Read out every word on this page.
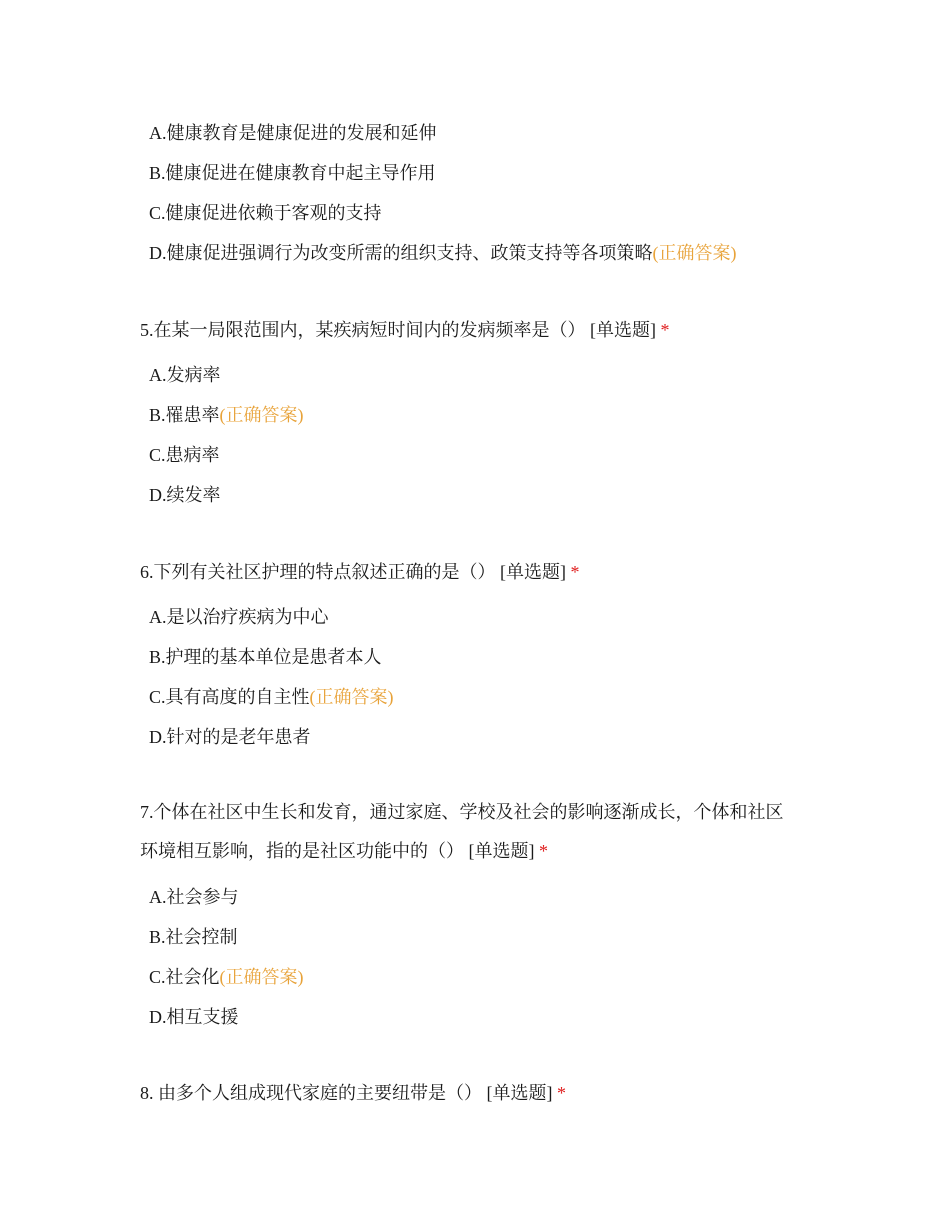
A.健康教育是健康促进的发展和延伸
B.健康促进在健康教育中起主导作用
C.健康促进依赖于客观的支持
D.健康促进强调行为改变所需的组织支持、政策支持等各项策略(正确答案)
5.在某一局限范围内，某疾病短时间内的发病频率是（） [单选题] *
A.发病率
B.罹患率(正确答案)
C.患病率
D.续发率
6.下列有关社区护理的特点叙述正确的是（） [单选题] *
A.是以治疗疾病为中心
B.护理的基本单位是患者本人
C.具有高度的自主性(正确答案)
D.针对的是老年患者
7.个体在社区中生长和发育，通过家庭、学校及社会的影响逐渐成长，个体和社区
环境相互影响，指的是社区功能中的（） [单选题] *
A.社会参与
B.社会控制
C.社会化(正确答案)
D.相互支援
8. 由多个人组成现代家庭的主要纽带是（） [单选题] *
